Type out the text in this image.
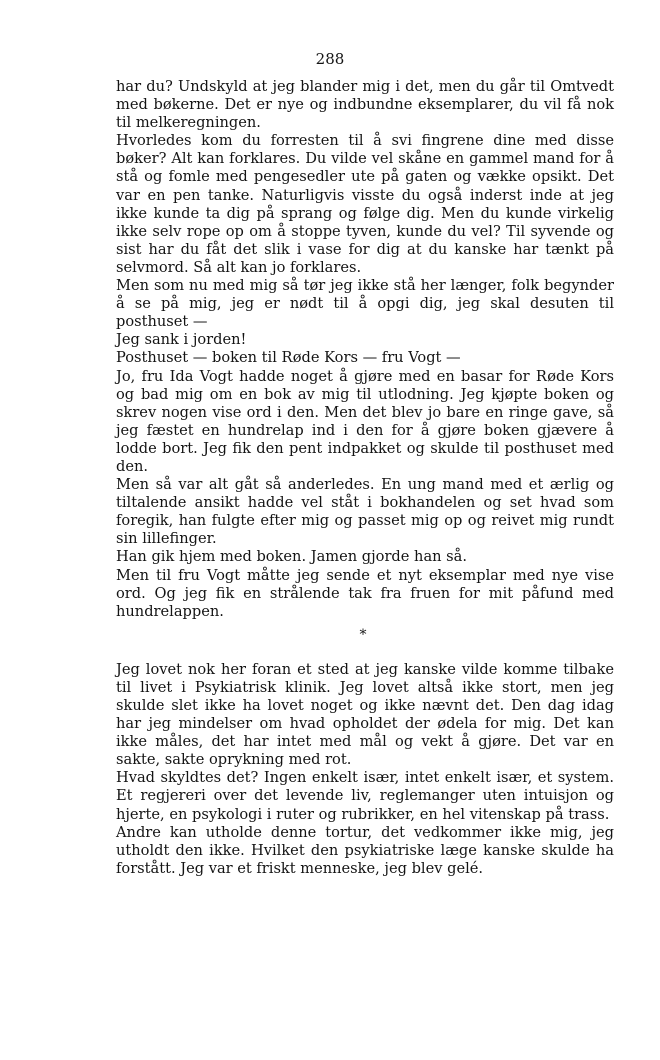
288

har du? Undskyld at jeg blander mig i det, men du går til Omtvedt med bøkerne. Det er nye og indbundne eksemplarer, du vil få nok til melkeregningen.

Hvorledes kom du forresten til å svi fingrene dine med disse bøker? Alt kan forklares. Du vilde vel skåne en gammel mand for å stå og fomle med pengesedler ute på gaten og vække opsikt. Det var en pen tanke. Naturligvis visste du også inderst inde at jeg ikke kunde ta dig på sprang og følge dig. Men du kunde virkelig ikke selv rope op om å stoppe tyven, kunde du vel? Til syvende og sist har du fåt det slik i vase for dig at du kanske har tænkt på selvmord. Så alt kan jo forklares.

Men som nu med mig så tør jeg ikke stå her længer, folk begynder å se på mig, jeg er nødt til å opgi dig, jeg skal desuten til posthuset —

Jeg sank i jorden!

Posthuset — boken til Røde Kors — fru Vogt —

Jo, fru Ida Vogt hadde noget å gjøre med en basar for Røde Kors og bad mig om en bok av mig til utlodning. Jeg kjøpte boken og skrev nogen vise ord i den. Men det blev jo bare en ringe gave, så jeg fæstet en hundrelap ind i den for å gjøre boken gjævere å lodde bort. Jeg fik den pent indpakket og skulde til posthuset med den.

Men så var alt gåt så anderledes. En ung mand med et ærlig og tiltalende ansikt hadde vel ståt i bokhandelen og set hvad som foregik, han fulgte efter mig og passet mig op og reivet mig rundt sin lillefinger.

Han gik hjem med boken. Jamen gjorde han så.

Men til fru Vogt måtte jeg sende et nyt eksemplar med nye vise ord. Og jeg fik en strålende tak fra fruen for mit påfund med hundrelappen.

*

Jeg lovet nok her foran et sted at jeg kanske vilde komme tilbake til livet i Psykiatrisk klinik. Jeg lovet altså ikke stort, men jeg skulde slet ikke ha lovet noget og ikke nævnt det. Den dag idag har jeg mindelser om hvad opholdet der ødela for mig. Det kan ikke måles, det har intet med mål og vekt å gjøre. Det var en sakte, sakte oprykning med rot.

Hvad skyldtes det? Ingen enkelt især, intet enkelt især, et system. Et regjereri over det levende liv, reglemanger uten intuisjon og hjerte, en psykologi i ruter og rubrikker, en hel vitenskap på trass.

Andre kan utholde denne tortur, det vedkommer ikke mig, jeg utholdt den ikke. Hvilket den psykiatriske læge kanske skulde ha forstått. Jeg var et friskt menneske, jeg blev gelé.
